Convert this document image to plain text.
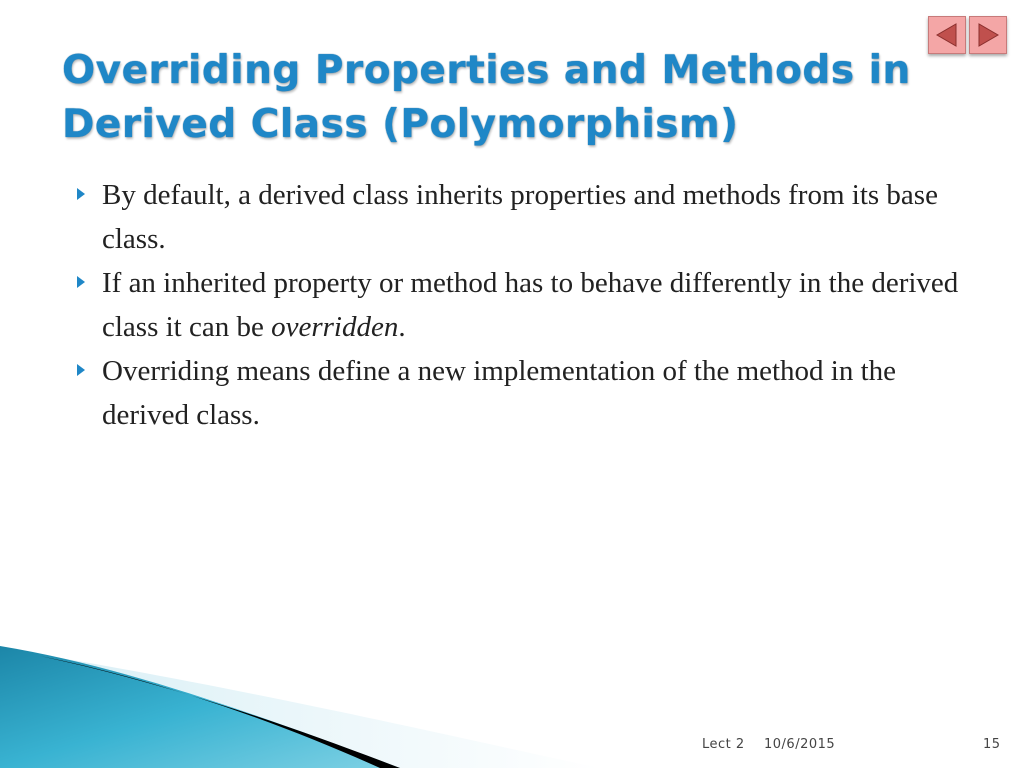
Overriding Properties and Methods in Derived Class (Polymorphism)
By default, a derived class inherits properties and methods from its base class.
If an inherited property or method has to behave differently in the derived class it can be overridden.
Overriding means define a new implementation of the method in the derived class.
Lect 2 10/6/2015	15
